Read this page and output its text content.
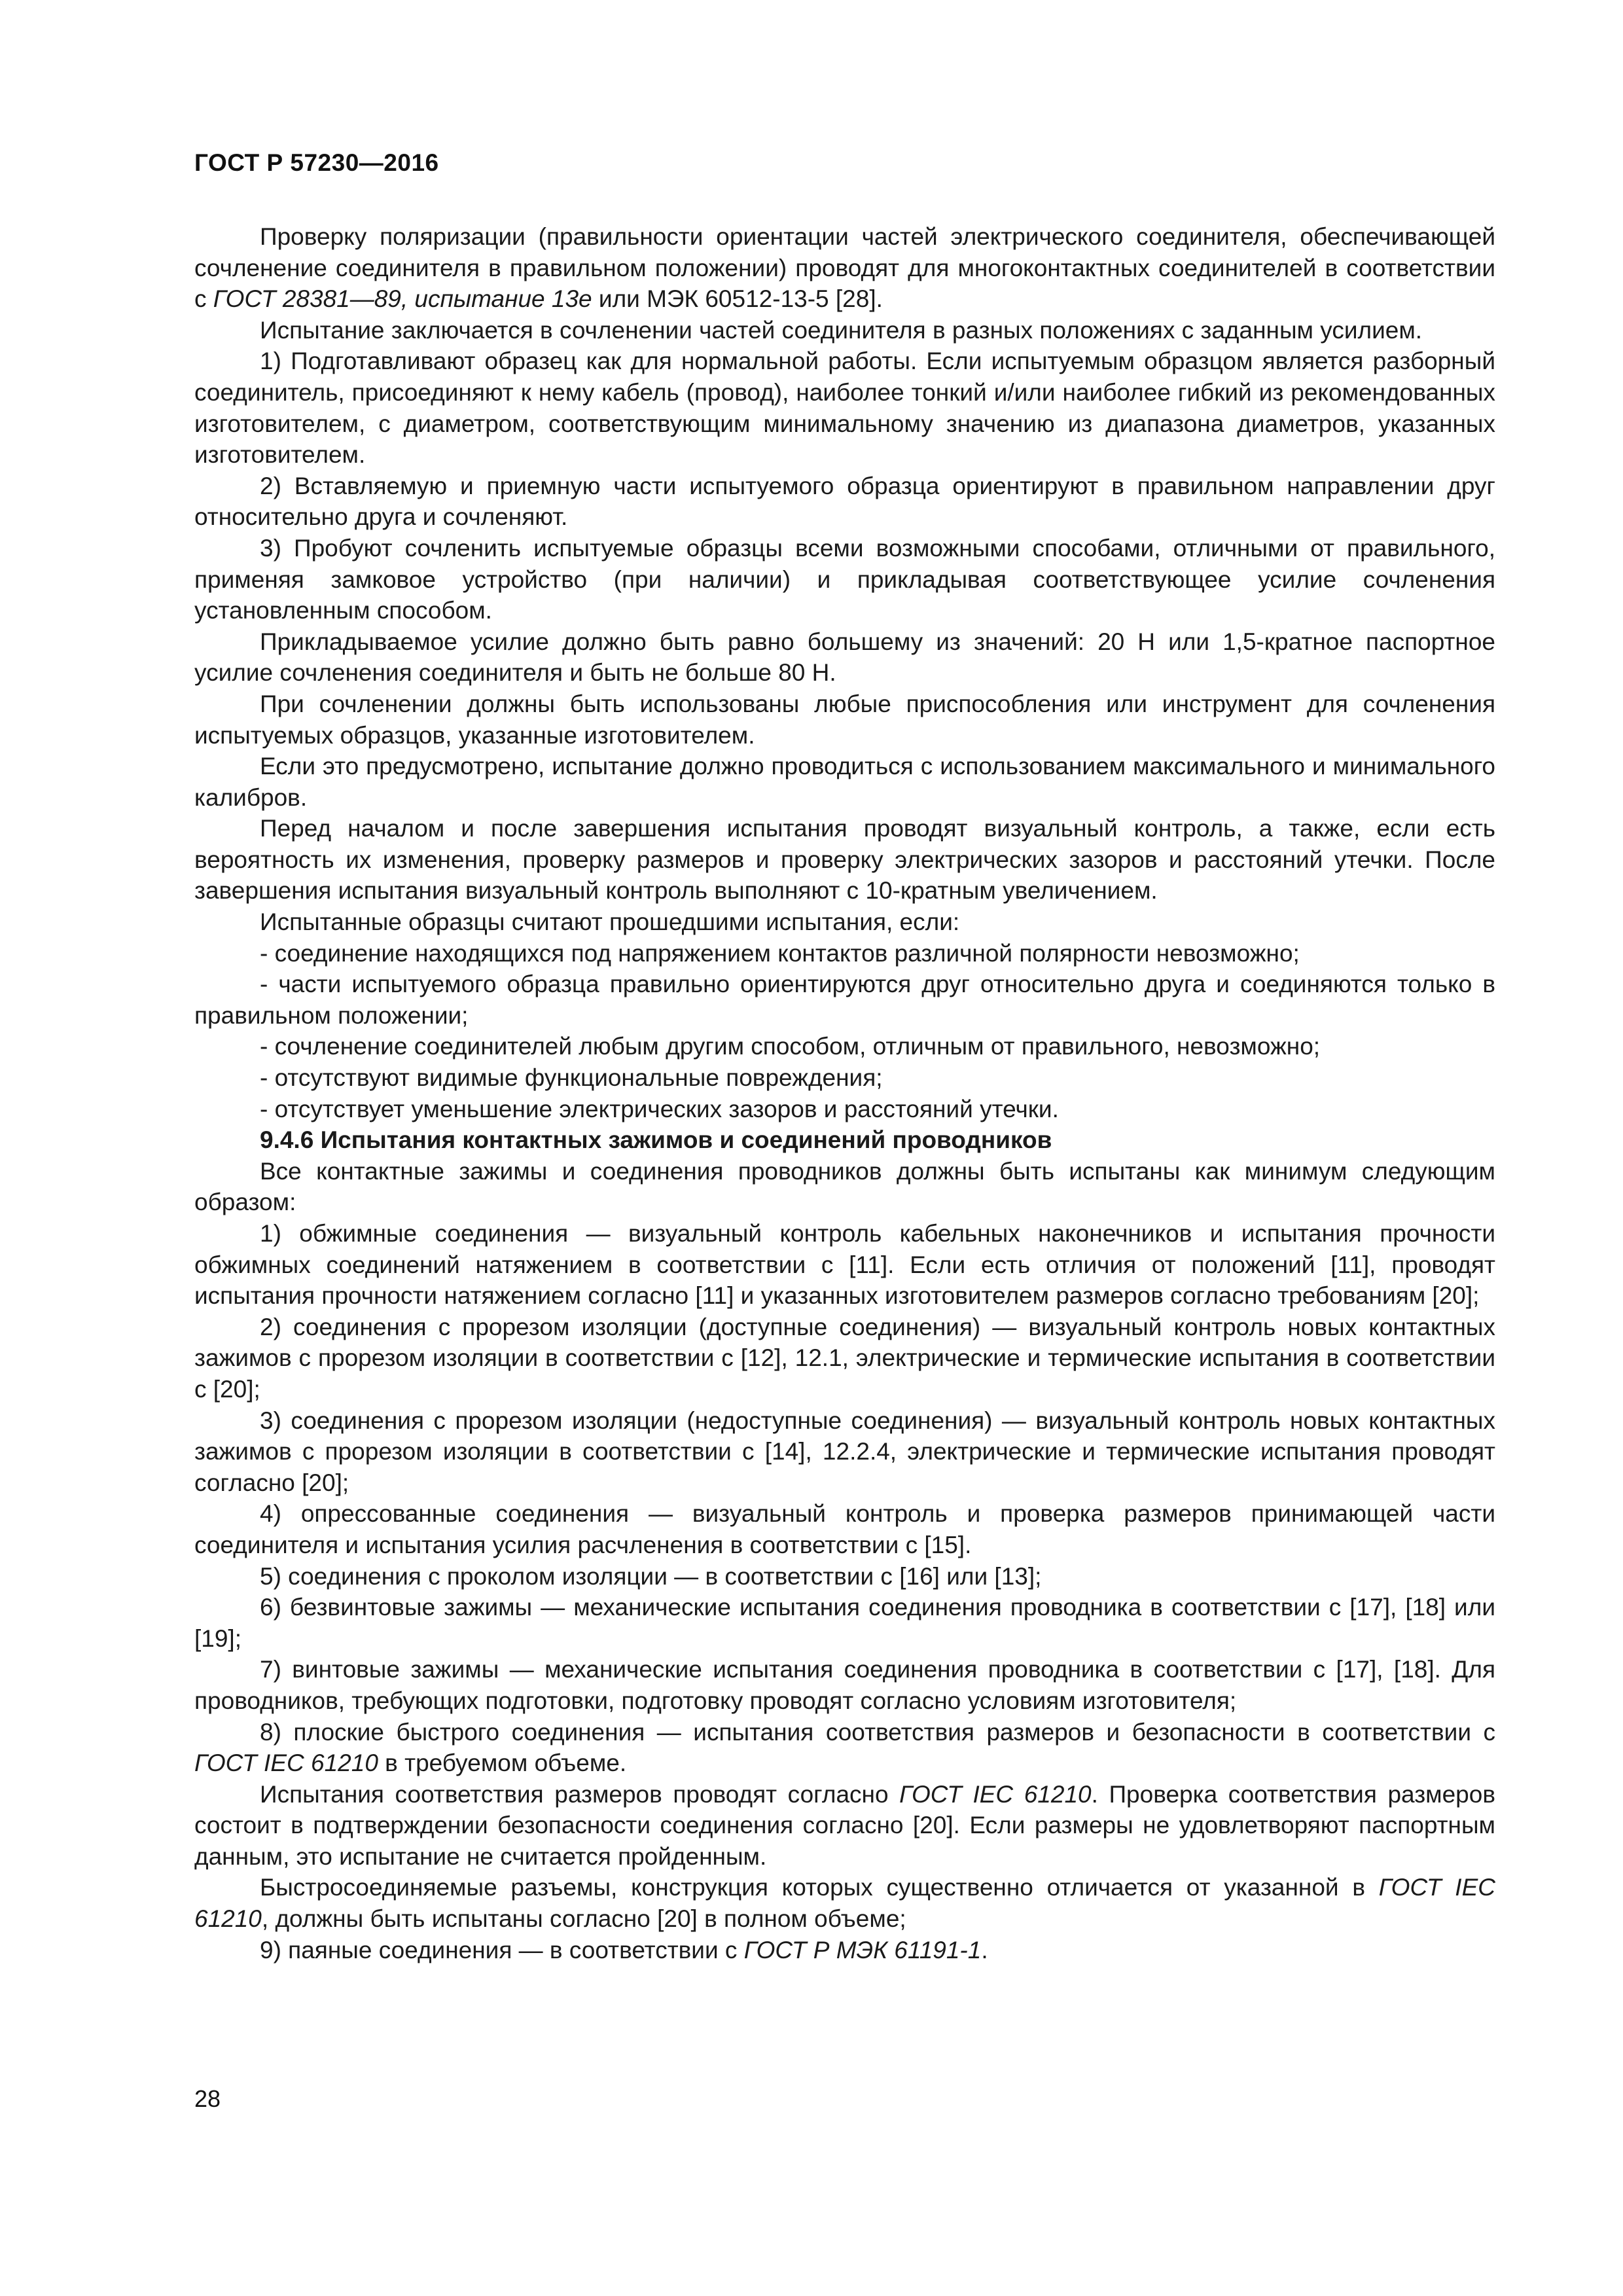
ГОСТ Р 57230—2016

Проверку поляризации (правильности ориентации частей электрического соединителя, обеспечивающей сочленение соединителя в правильном положении) проводят для многоконтактных соединителей в соответствии с ГОСТ 28381—89, испытание 13е или МЭК 60512-13-5 [28].

Испытание заключается в сочленении частей соединителя в разных положениях с заданным усилием.

1) Подготавливают образец как для нормальной работы. Если испытуемым образцом является разборный соединитель, присоединяют к нему кабель (провод), наиболее тонкий и/или наиболее гибкий из рекомендованных изготовителем, с диаметром, соответствующим минимальному значению из диапазона диаметров, указанных изготовителем.

2) Вставляемую и приемную части испытуемого образца ориентируют в правильном направлении друг относительно друга и сочленяют.

3) Пробуют сочленить испытуемые образцы всеми возможными способами, отличными от правильного, применяя замковое устройство (при наличии) и прикладывая соответствующее усилие сочленения установленным способом.

Прикладываемое усилие должно быть равно большему из значений: 20 Н или 1,5-кратное паспортное усилие сочленения соединителя и быть не больше 80 Н.

При сочленении должны быть использованы любые приспособления или инструмент для сочленения испытуемых образцов, указанные изготовителем.

Если это предусмотрено, испытание должно проводиться с использованием максимального и минимального калибров.

Перед началом и после завершения испытания проводят визуальный контроль, а также, если есть вероятность их изменения, проверку размеров и проверку электрических зазоров и расстояний утечки. После завершения испытания визуальный контроль выполняют с 10-кратным увеличением.

Испытанные образцы считают прошедшими испытания, если:

- соединение находящихся под напряжением контактов различной полярности невозможно;

- части испытуемого образца правильно ориентируются друг относительно друга и соединяются только в правильном положении;

- сочленение соединителей любым другим способом, отличным от правильного, невозможно;

- отсутствуют видимые функциональные повреждения;

- отсутствует уменьшение электрических зазоров и расстояний утечки.

9.4.6 Испытания контактных зажимов и соединений проводников

Все контактные зажимы и соединения проводников должны быть испытаны как минимум следующим образом:

1) обжимные соединения — визуальный контроль кабельных наконечников и испытания прочности обжимных соединений натяжением в соответствии с [11]. Если есть отличия от положений [11], проводят испытания прочности натяжением согласно [11] и указанных изготовителем размеров согласно требованиям [20];

2) соединения с прорезом изоляции (доступные соединения) — визуальный контроль новых контактных зажимов с прорезом изоляции в соответствии с [12], 12.1, электрические и термические испытания в соответствии с [20];

3) соединения с прорезом изоляции (недоступные соединения) — визуальный контроль новых контактных зажимов с прорезом изоляции в соответствии с [14], 12.2.4, электрические и термические испытания проводят согласно [20];

4) опрессованные соединения — визуальный контроль и проверка размеров принимающей части соединителя и испытания усилия расчленения в соответствии с [15].

5) соединения с проколом изоляции — в соответствии с [16] или [13];

6) безвинтовые зажимы — механические испытания соединения проводника в соответствии с [17], [18] или [19];

7) винтовые зажимы — механические испытания соединения проводника в соответствии с [17], [18]. Для проводников, требующих подготовки, подготовку проводят согласно условиям изготовителя;

8) плоские быстрого соединения — испытания соответствия размеров и безопасности в соответствии с ГОСТ IEC 61210 в требуемом объеме.

Испытания соответствия размеров проводят согласно ГОСТ IEC 61210. Проверка соответствия размеров состоит в подтверждении безопасности соединения согласно [20]. Если размеры не удовлетворяют паспортным данным, это испытание не считается пройденным.

Быстросоединяемые разъемы, конструкция которых существенно отличается от указанной в ГОСТ IEC 61210, должны быть испытаны согласно [20] в полном объеме;

9) паяные соединения — в соответствии с ГОСТ Р МЭК 61191-1.

28
